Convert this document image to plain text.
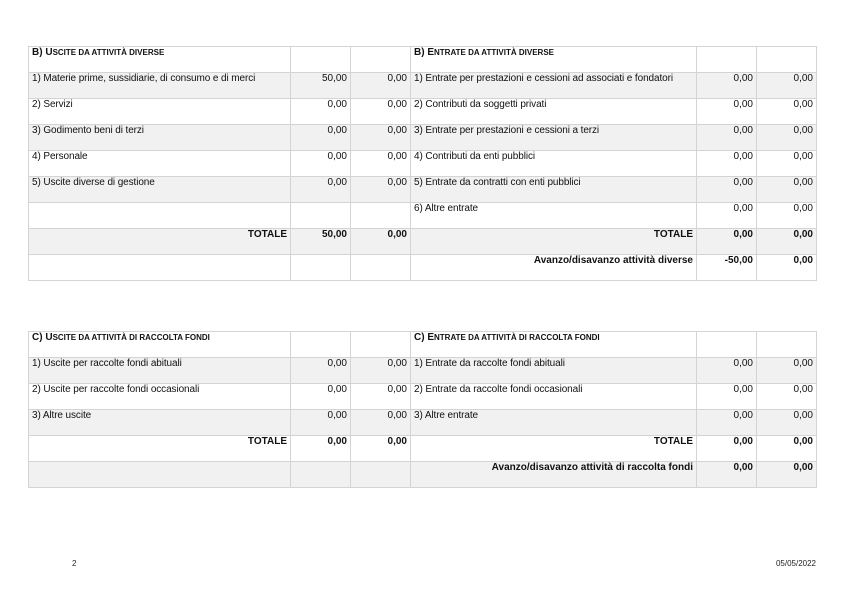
B) USCITE DA ATTIVITÀ DIVERSE			B) ENTRATE DA ATTIVITÀ DIVERSE		
1) Materie prime, sussidiarie, di consumo e di merci	50,00	0,00	1) Entrate per prestazioni e cessioni ad associati e fondatori	0,00	0,00
2) Servizi	0,00	0,00	2) Contributi da soggetti privati	0,00	0,00
3) Godimento beni di terzi	0,00	0,00	3) Entrate per prestazioni e cessioni a terzi	0,00	0,00
4) Personale	0,00	0,00	4) Contributi da enti pubblici	0,00	0,00
5) Uscite diverse di gestione	0,00	0,00	5) Entrate da contratti con enti pubblici	0,00	0,00
			6) Altre entrate	0,00	0,00
TOTALE	50,00	0,00	TOTALE	0,00	0,00
			Avanzo/disavanzo attività diverse	-50,00	0,00
C) USCITE DA ATTIVITÀ DI RACCOLTA FONDI			C) ENTRATE DA ATTIVITÀ DI RACCOLTA FONDI		
1) Uscite per raccolte fondi abituali	0,00	0,00	1) Entrate da raccolte fondi abituali	0,00	0,00
2) Uscite per raccolte fondi occasionali	0,00	0,00	2) Entrate da raccolte fondi occasionali	0,00	0,00
3) Altre uscite	0,00	0,00	3) Altre entrate	0,00	0,00
TOTALE	0,00	0,00	TOTALE	0,00	0,00
			Avanzo/disavanzo attività di raccolta fondi	0,00	0,00
2	05/05/2022
